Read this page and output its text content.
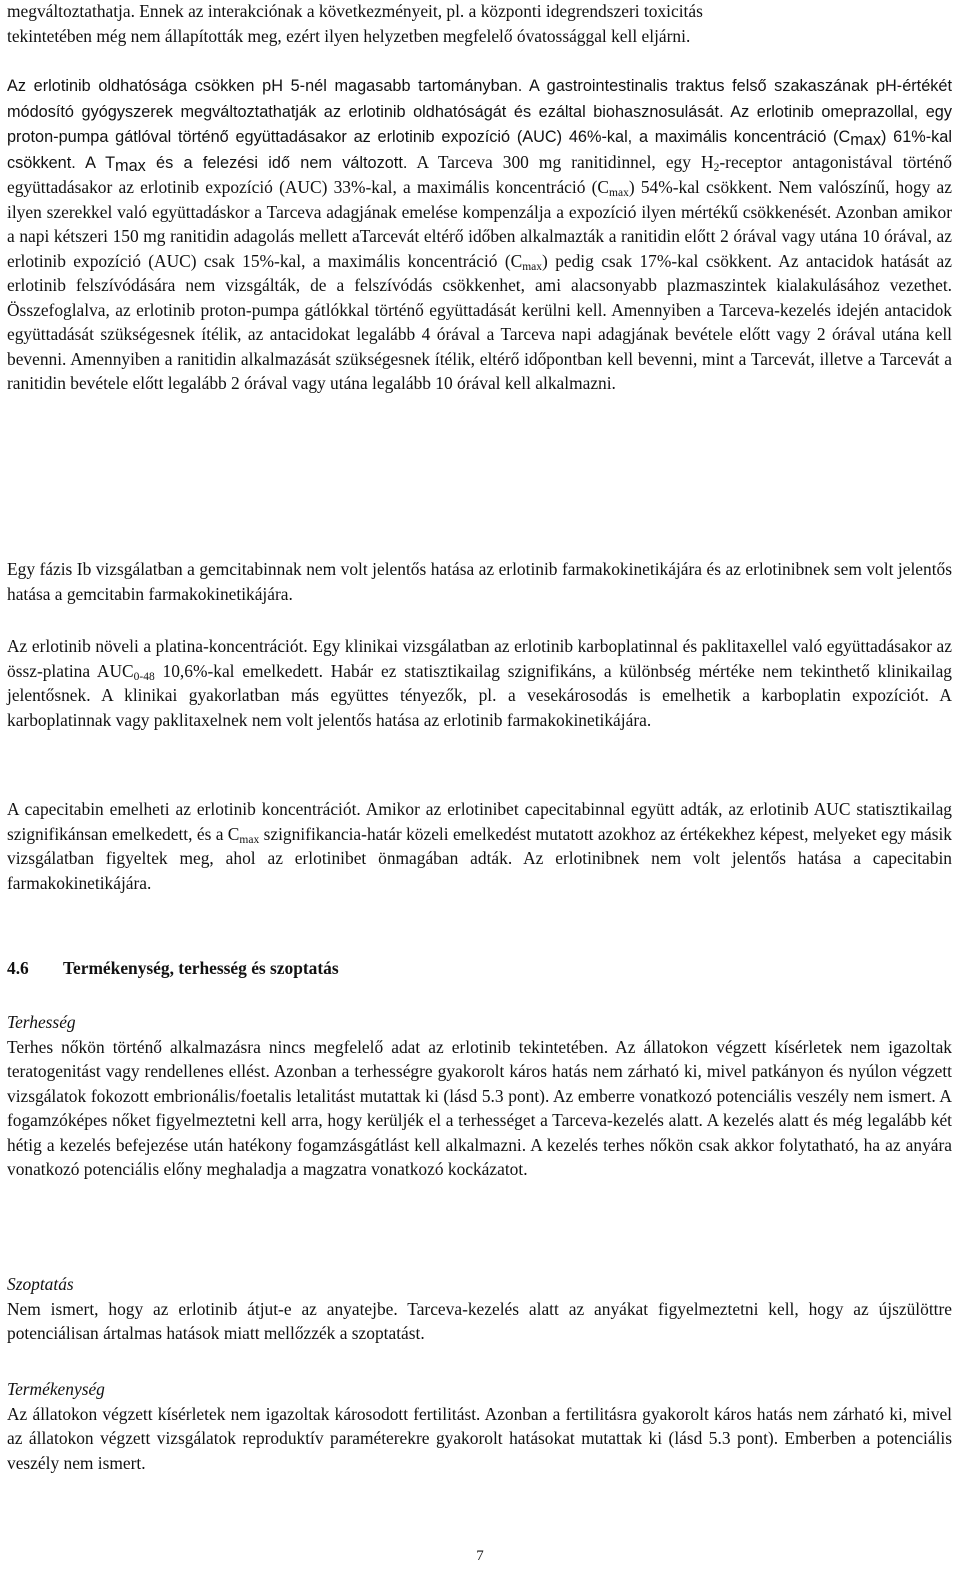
megváltoztathatja. Ennek az interakciónak a következményeit, pl. a központi idegrendszeri toxicitás
tekintetében még nem állapították meg, ezért ilyen helyzetben megfelelő óvatossággal kell eljárni.

Az erlotinib oldhatósága csökken pH 5-nél magasabb tartományban. A gastrointestinalis traktus felső szakaszának pH-értékét módosító gyógyszerek megváltoztathatják az erlotinib oldhatóságát és ezáltal biohasznosulását. Az erlotinib omeprazollal, egy proton-pumpa gátlóval történő együttadásakor az erlotinib expozíció (AUC) 46%-kal, a maximális koncentráció $(C_{max})$ 61%-kal csökkent. A $T_{max}$ és a felezési idő nem változott. A Tarceva 300 mg ranitidinnel, egy $H_2$-receptor antagonistával történő együttadásakor az erlotinib expozíció (AUC) 33%-kal, a maximális koncentráció $(C_{max})$ 54%-kal csökkent. Nem valószínű, hogy az ilyen szerekkel való együttadáskor a Tarceva adagjának emelése kompenzálja a expozíció ilyen mértékű csökkenését. Azonban amikor a napi kétszeri 150 mg ranitidin adagolás mellett aTarcevát eltérő időben alkalmazták a ranitidin előtt 2 órával vagy utána 10 órával, az erlotinib expozíció (AUC) csak 15%-kal, a maximális koncentráció $(C_{max})$ pedig csak 17%-kal csökkent. Az antacidok hatását az erlotinib felszívódására nem vizsgálták, de a felszívódás csökkenhet, ami alacsonyabb plazmaszintek kialakulásához vezethet. Összefoglalva, az erlotinib proton-pumpa gátlókkal történő együttadását kerülni kell. Amennyiben a Tarceva-kezelés idején antacidok együttadását szükségesnek ítélik, az antacidokat legalább 4 órával a Tarceva napi adagjának bevétele előtt vagy 2 órával utána kell bevenni. Amennyiben a ranitidin alkalmazását szükségesnek ítélik, eltérő időpontban kell bevenni, mint a Tarcevát, illetve a Tarcevát a ranitidin bevétele előtt legalább 2 órával vagy utána legalább 10 órával kell alkalmazni.

Egy fázis Ib vizsgálatban a gemcitabinnak nem volt jelentős hatása az erlotinib farmakokinetikájára és az erlotinibnek sem volt jelentős hatása a gemcitabin farmakokinetikájára.

Az erlotinib növeli a platina-koncentrációt. Egy klinikai vizsgálatban az erlotinib karboplatinnal és paklitaxellel való együttadásakor az össz-platina $AUC_{0-48}$ 10,6%-kal emelkedett. Habár ez statisztikailag szignifikáns, a különbség mértéke nem tekinthető klinikailag jelentősnek. A klinikai gyakorlatban más együttes tényezők, pl. a vesekárosodás is emelhetik a karboplatin expozíciót. A karboplatinnak vagy paklitaxelnek nem volt jelentős hatása az erlotinib farmakokinetikájára.

A capecitabin emelheti az erlotinib koncentrációt. Amikor az erlotinibet capecitabinnal együtt adták, az erlotinib AUC statisztikailag szignifikánsan emelkedett, és a $C_{max}$ szignifikancia-határ közeli emelkedést mutatott azokhoz az értékekhez képest, melyeket egy másik vizsgálatban figyeltek meg, ahol az erlotinibet önmagában adták. Az erlotinibnek nem volt jelentős hatása a capecitabin farmakokinetikájára.

4.6 Termékenység, terhesség és szoptatás

Terhesség

Terhes nőkön történő alkalmazásra nincs megfelelő adat az erlotinib tekintetében. Az állatokon végzett kísérletek nem igazoltak teratogenitást vagy rendellenes ellést. Azonban a terhességre gyakorolt káros hatás nem zárható ki, mivel patkányon és nyúlon végzett vizsgálatok fokozott embrionális/foetalis letalitást mutattak ki (lásd 5.3 pont). Az emberre vonatkozó potenciális veszély nem ismert. A fogamzóképes nőket figyelmeztetni kell arra, hogy kerüljék el a terhességet a Tarceva-kezelés alatt. A kezelés alatt és még legalább két hétig a kezelés befejezése után hatékony fogamzásgátlást kell alkalmazni. A kezelés terhes nőkön csak akkor folytatható, ha az anyára vonatkozó potenciális előny meghaladja a magzatra vonatkozó kockázatot.

Szoptatás

Nem ismert, hogy az erlotinib átjut-e az anyatejbe. Tarceva-kezelés alatt az anyákat figyelmeztetni kell, hogy az újszülöttre potenciálisan ártalmas hatások miatt mellőzzék a szoptatást.

Termékenység

Az állatokon végzett kísérletek nem igazoltak károsodott fertilitást. Azonban a fertilitásra gyakorolt káros hatás nem zárható ki, mivel az állatokon végzett vizsgálatok reproduktív paraméterekre gyakorolt hatásokat mutattak ki (lásd 5.3 pont). Emberben a potenciális veszély nem ismert.

7
